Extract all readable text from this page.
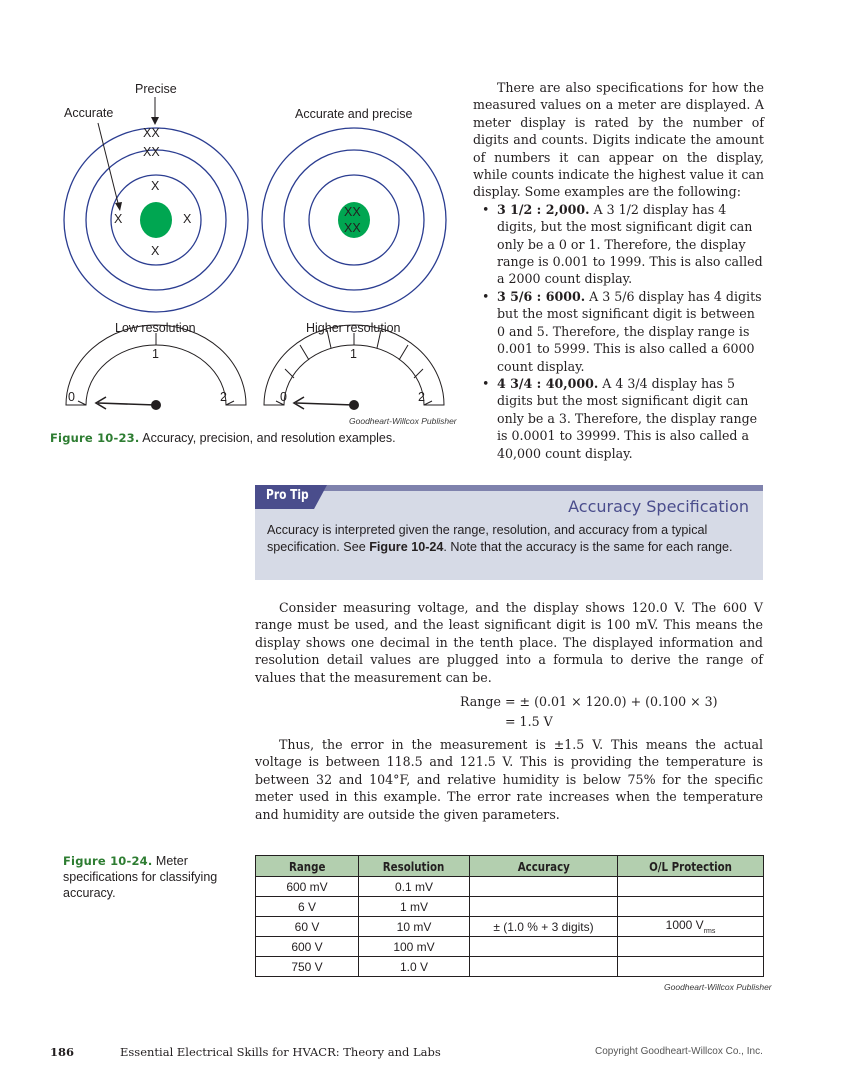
Precise
Accurate	Accurate and precise
XX
XX
X
X	X
X
XX
XX
Low resolution	Higher resolution
1
0	2
1
0	2
Goodheart-Willcox Publisher
Figure 10-23. Accuracy, precision, and resolution examples.

There are also specifications for how the measured values on a meter are displayed. A meter display is rated by the number of digits and counts. Digits indicate the amount of numbers it can appear on the display, while counts indicate the highest value it can display. Some examples are the following:

• 3 1/2 : 2,000. A 3 1/2 display has 4 digits, but the most significant digit can only be a 0 or 1. Therefore, the display range is 0.001 to 1999. This is also called a 2000 count display.
• 3 5/6 : 6000. A 3 5/6 display has 4 digits but the most significant digit is between 0 and 5. Therefore, the display range is 0.001 to 5999. This is also called a 6000 count display.
• 4 3/4 : 40,000. A 4 3/4 display has 5 digits but the most significant digit can only be a 3. Therefore, the display range is 0.0001 to 39999. This is also called a 40,000 count display.
Pro Tip
Accuracy Specification
Accuracy is interpreted given the range, resolution, and accuracy from a typical specification. See Figure 10-24. Note that the accuracy is the same for each range.

Consider measuring voltage, and the display shows 120.0 V. The 600 V range must be used, and the least significant digit is 100 mV. This means the display shows one decimal in the tenth place. The displayed information and resolution detail values are plugged into a formula to derive the range of values that the measurement can be.

Range = ± (0.01 × 120.0) + (0.100 × 3)
= 1.5 V

Thus, the error in the measurement is ±1.5 V. This means the actual voltage is between 118.5 and 121.5 V. This is providing the temperature is between 32 and 104°F, and relative humidity is below 75% for the specific meter used in this example. The error rate increases when the temperature and humidity are outside the given parameters.

Figure 10-24. Meter specifications for classifying accuracy.
Range	Resolution	Accuracy	O/L Protection
600 mV	0.1 mV		
6 V	1 mV		
60 V	10 mV	± (1.0 % + 3 digits)	1000 $V_{rms}$
600 V	100 mV		
750 V	1.0 V		
Goodheart-Willcox Publisher
186	Essential Electrical Skills for HVACR: Theory and Labs	Copyright Goodheart-Willcox Co., Inc.
